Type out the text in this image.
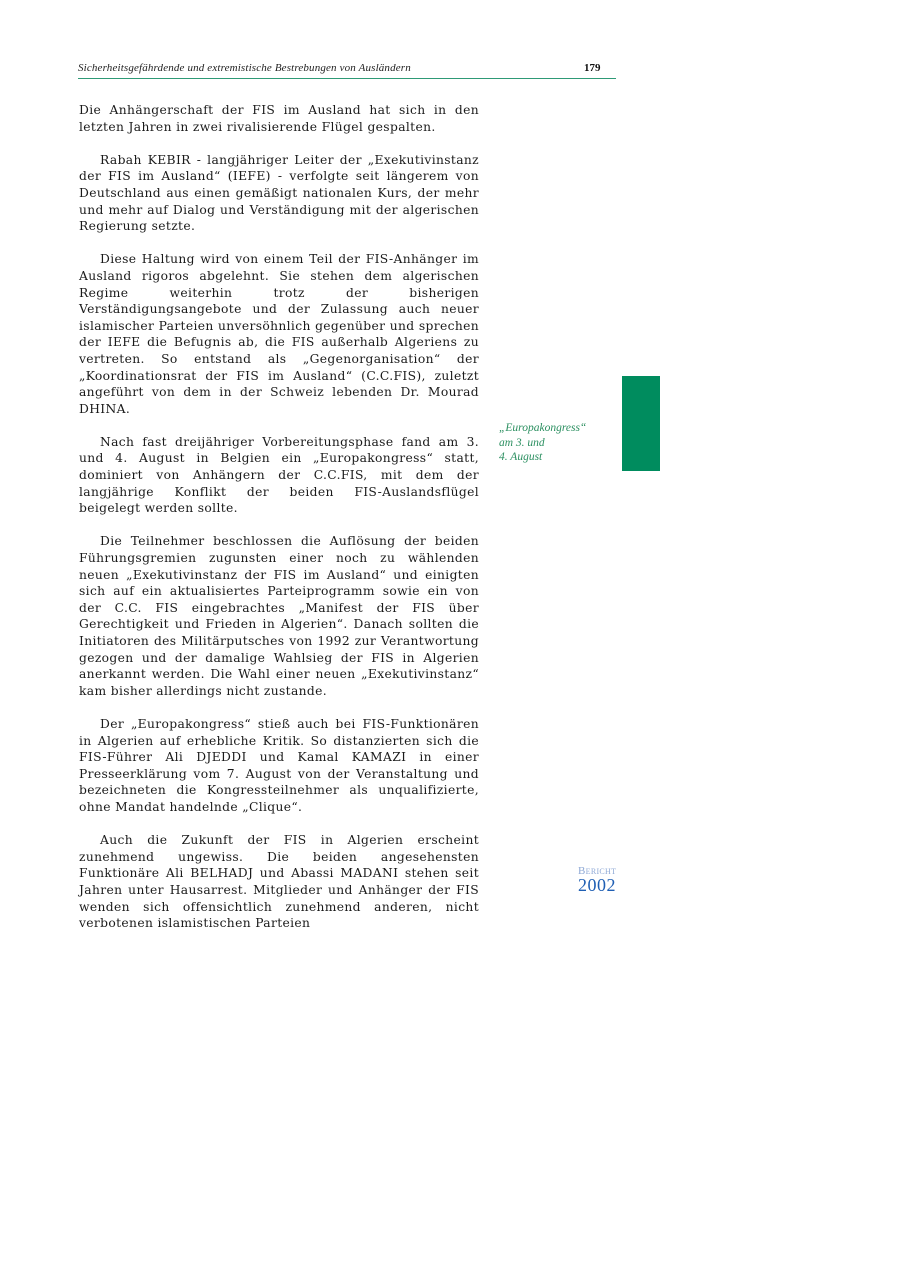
Sicherheitsgefährdende und extremistische Bestrebungen von Ausländern	179

Die Anhängerschaft der FIS im Ausland hat sich in den letzten Jahren in zwei rivalisierende Flügel gespalten.

Rabah KEBIR - langjähriger Leiter der „Exekutivinstanz der FIS im Ausland“ (IEFE) - verfolgte seit längerem von Deutschland aus einen gemäßigt nationalen Kurs, der mehr und mehr auf Dialog und Verständigung mit der algerischen Regierung setzte.

Diese Haltung wird von einem Teil der FIS-Anhänger im Ausland rigoros abgelehnt. Sie stehen dem algerischen Regime weiterhin trotz der bisherigen Verständigungsangebote und der Zulassung auch neuer islamischer Parteien unversöhnlich gegenüber und sprechen der IEFE die Befugnis ab, die FIS außerhalb Algeriens zu vertreten. So entstand als „Gegenorganisation“ der „Koordinationsrat der FIS im Ausland“ (C.C.FIS), zuletzt angeführt von dem in der Schweiz lebenden Dr. Mourad DHINA.

Nach fast dreijähriger Vorbereitungsphase fand am 3. und 4. August in Belgien ein „Europakongress“ statt, dominiert von Anhängern der C.C.FIS, mit dem der langjährige Konflikt der beiden FIS-Auslandsflügel beigelegt werden sollte.

Die Teilnehmer beschlossen die Auflösung der beiden Führungsgremien zugunsten einer noch zu wählenden neuen „Exekutivinstanz der FIS im Ausland“ und einigten sich auf ein aktualisiertes Parteiprogramm sowie ein von der C.C. FIS eingebrachtes „Manifest der FIS über Gerechtigkeit und Frieden in Algerien“. Danach sollten die Initiatoren des Militärputsches von 1992 zur Verantwortung gezogen und der damalige Wahlsieg der FIS in Algerien anerkannt werden. Die Wahl einer neuen „Exekutivinstanz“ kam bisher allerdings nicht zustande.

Der „Europakongress“ stieß auch bei FIS-Funktionären in Algerien auf erhebliche Kritik. So distanzierten sich die FIS-Führer Ali DJEDDI und Kamal KAMAZI in einer Presseerklärung vom 7. August von der Veranstaltung und bezeichneten die Kongressteilnehmer als unqualifizierte, ohne Mandat handelnde „Clique“.

Auch die Zukunft der FIS in Algerien erscheint zunehmend ungewiss. Die beiden angesehensten Funktionäre Ali BELHADJ und Abassi MADANI stehen seit Jahren unter Hausarrest. Mitglieder und Anhänger der FIS wenden sich offensichtlich zunehmend anderen, nicht verbotenen islamistischen Parteien

„Europakongress“
am 3. und
4. August
Bericht
2002
